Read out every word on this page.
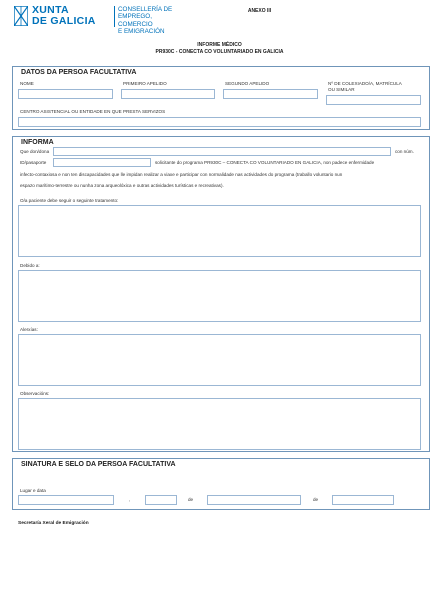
XUNTA
DE GALICIA
CONSELLERÍA DE
EMPREGO, COMERCIO
E EMIGRACIÓN
ANEXO III
INFORME MÉDICO
PR930C - CONECTA CO VOLUNTARIADO EN GALICIA
DATOS DA PERSOA FACULTATIVA
NOME	PRIMEIRO APELIDO	SEGUNDO APELIDO	Nº DE COLEXIADO/A, MATRÍCULA
OU SIMILAR
CENTRO ASISTENCIAL OU ENTIDADE EN QUE PRESTA SERVIZOS
INFORMA
Que don/dona	con núm.
ID/pasaporte	solicitante do programa PR930C – CONECTA CO VOLUNTARIADO EN GALICIA, non padece enfermidade
infecto-contaxiosa e non ten discapacidades que lle impidan realizar a viaxe e participar con normalidade nas actividades do programa (traballo voluntario nun
espazo marítimo-terrestre ou nunha zona arqueolóxica e outras actividades turísticas e recreativas).
O/a paciente debe seguir o seguinte tratamento:
Debido a:
Alerxías:
Observacións:
SINATURA E SELO DA PERSOA FACULTATIVA
Lugar e data
,	de	de
Secretaría Xeral de Emigración
